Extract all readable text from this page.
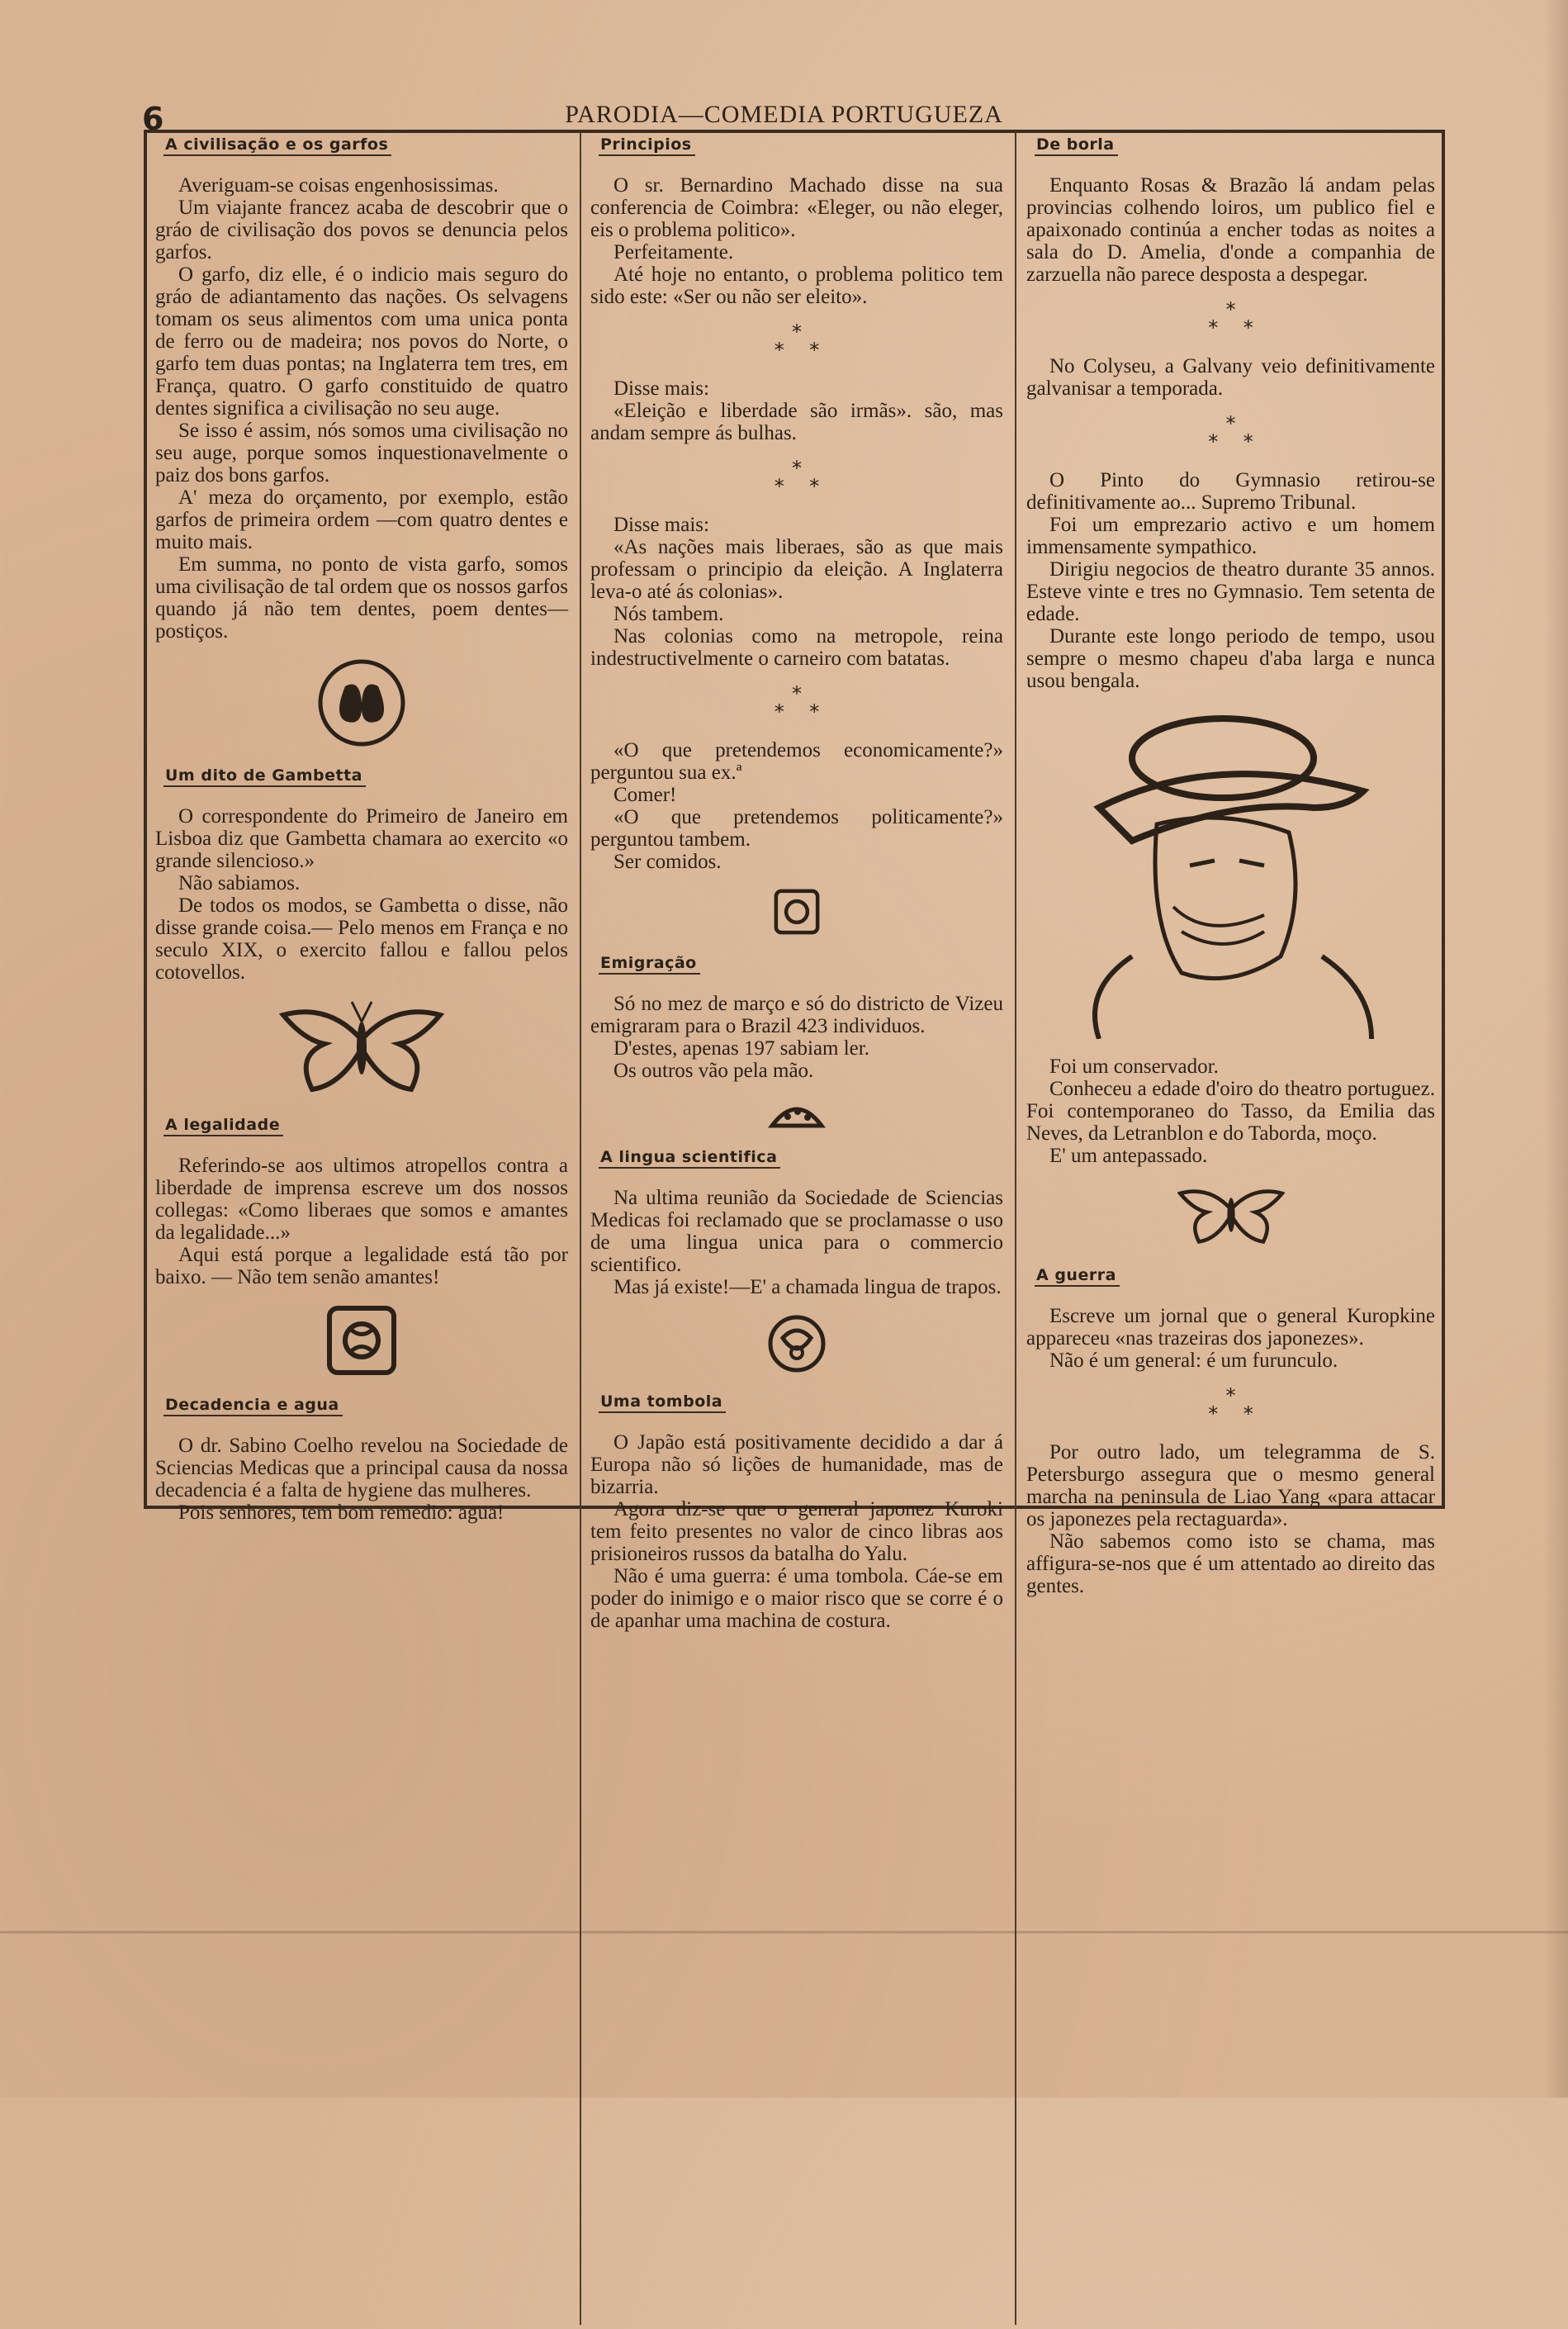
6	PARODIA—COMEDIA PORTUGUEZA
A civilisação e os garfos

Averiguam-se coisas engenhosissimas.

Um viajante francez acaba de descobrir que o gráo de civilisação dos povos se denuncia pelos garfos.

O garfo, diz elle, é o indicio mais seguro do gráo de adiantamento das nações. Os selvagens tomam os seus alimentos com uma unica ponta de ferro ou de madeira; nos povos do Norte, o garfo tem duas pontas; na Inglaterra tem tres, em França, quatro. O garfo constituido de quatro dentes significa a civilisação no seu auge.

Se isso é assim, nós somos uma civilisação no seu auge, porque somos inquestionavelmente o paiz dos bons garfos.

A' meza do orçamento, por exemplo, estão garfos de primeira ordem —com quatro dentes e muito mais.

Em summa, no ponto de vista garfo, somos uma civilisação de tal ordem que os nossos garfos quando já não tem dentes, poem dentes—postiços.

Um dito de Gambetta

O correspondente do Primeiro de Janeiro em Lisboa diz que Gambetta chamara ao exercito «o grande silencioso.»

Não sabiamos.

De todos os modos, se Gambetta o disse, não disse grande coisa.— Pelo menos em França e no seculo XIX, o exercito fallou e fallou pelos cotovellos.

A legalidade

Referindo-se aos ultimos atropellos contra a liberdade de imprensa escreve um dos nossos collegas: «Como liberaes que somos e amantes da legalidade...»

Aqui está porque a legalidade está tão por baixo. — Não tem senão amantes!

Decadencia e agua

O dr. Sabino Coelho revelou na Sociedade de Sciencias Medicas que a principal causa da nossa decadencia é a falta de hygiene das mulheres.

Pois senhores, tem bom remedio: agua!

Principios

O sr. Bernardino Machado disse na sua conferencia de Coimbra: «Eleger, ou não eleger, eis o problema politico».

Perfeitamente.

Até hoje no entanto, o problema politico tem sido este: «Ser ou não ser eleito».

*
*    *

Disse mais:

«Eleição e liberdade são irmãs». são, mas andam sempre ás bulhas.

*
*    *

Disse mais:

«As nações mais liberaes, são as que mais professam o principio da eleição. A Inglaterra leva-o até ás colonias».

Nós tambem.

Nas colonias como na metropole, reina indestructivelmente o carneiro com batatas.

*
*    *

«O que pretendemos economicamente?» perguntou sua ex.ª

Comer!

«O que pretendemos politicamente?» perguntou tambem.

Ser comidos.

Emigração

Só no mez de março e só do districto de Vizeu emigraram para o Brazil 423 individuos.

D'estes, apenas 197 sabiam ler.

Os outros vão pela mão.

A lingua scientifica

Na ultima reunião da Sociedade de Sciencias Medicas foi reclamado que se proclamasse o uso de uma lingua unica para o commercio scientifico.

Mas já existe!—E' a chamada lingua de trapos.

Uma tombola

O Japão está positivamente decidido a dar á Europa não só lições de humanidade, mas de bizarria.

Agora diz-se que o general japonez Kuroki tem feito presentes no valor de cinco libras aos prisioneiros russos da batalha do Yalu.

Não é uma guerra: é uma tombola. Cáe-se em poder do inimigo e o maior risco que se corre é o de apanhar uma machina de costura.

De borla

Enquanto Rosas & Brazão lá andam pelas provincias colhendo loiros, um publico fiel e apaixonado continúa a encher todas as noites a sala do D. Amelia, d'onde a companhia de zarzuella não parece desposta a despegar.

*
*    *

No Colyseu, a Galvany veio definitivamente galvanisar a temporada.

*
*    *

O Pinto do Gymnasio retirou-se definitivamente ao... Supremo Tribunal.

Foi um emprezario activo e um homem immensamente sympathico.

Dirigiu negocios de theatro durante 35 annos. Esteve vinte e tres no Gymnasio. Tem setenta de edade.

Durante este longo periodo de tempo, usou sempre o mesmo chapeu d'aba larga e nunca usou bengala.

Foi um conservador.

Conheceu a edade d'oiro do theatro portuguez. Foi contemporaneo do Tasso, da Emilia das Neves, da Letranblon e do Taborda, moço.

E' um antepassado.

A guerra

Escreve um jornal que o general Kuropkine appareceu «nas trazeiras dos japonezes».

Não é um general: é um furunculo.

*
*    *

Por outro lado, um telegramma de S. Petersburgo assegura que o mesmo general marcha na peninsula de Liao Yang «para attacar os japonezes pela rectaguarda».

Não sabemos como isto se chama, mas affigura-se-nos que é um attentado ao direito das gentes.
